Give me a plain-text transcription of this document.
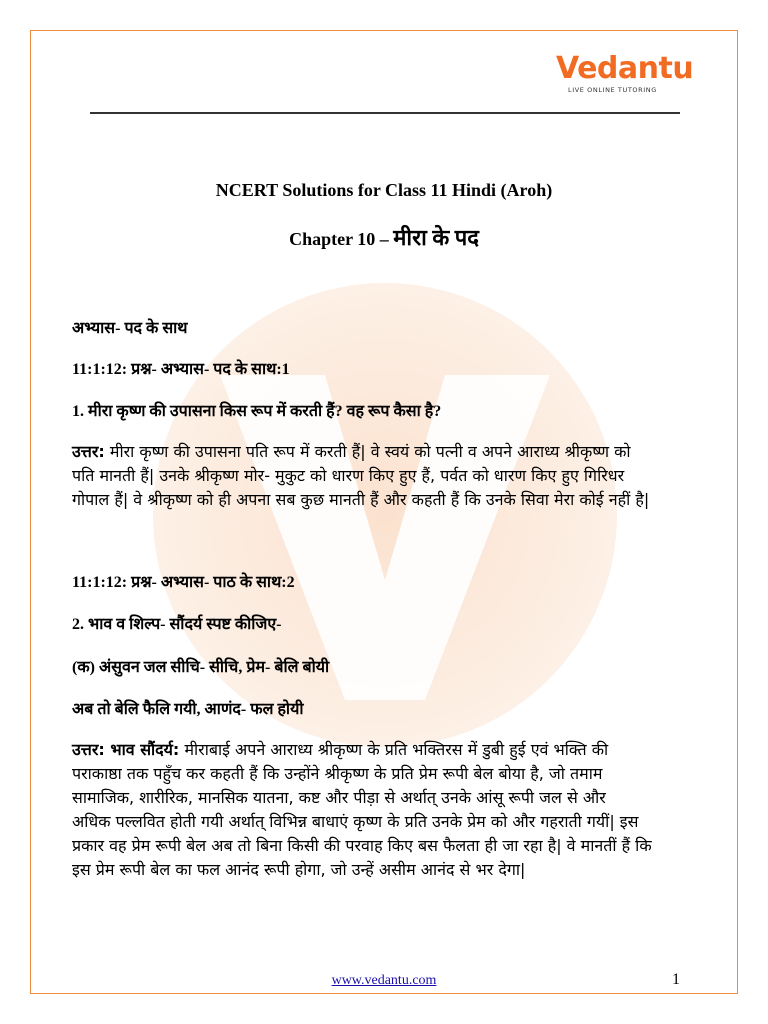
Vedantu
LIVE ONLINE TUTORING
NCERT Solutions for Class 11 Hindi (Aroh)
Chapter 10 – मीरा के पद
अभ्यास- पद के साथ
11:1:12: प्रश्न- अभ्यास- पद के साथ:1
1. मीरा कृष्ण की उपासना किस रूप में करती हैं? वह रूप कैसा है?
उत्तर: मीरा कृष्ण की उपासना पति रूप में करती हैं| वे स्वयं को पत्नी व अपने आराध्य श्रीकृष्ण को
पति मानती हैं| उनके श्रीकृष्ण मोर- मुकुट को धारण किए हुए हैं, पर्वत को धारण किए हुए गिरिधर
गोपाल हैं| वे श्रीकृष्ण को ही अपना सब कुछ मानती हैं और कहती हैं कि उनके सिवा मेरा कोई नहीं है|
11:1:12: प्रश्न- अभ्यास- पाठ के साथ:2
2. भाव व शिल्प- सौंदर्य स्पष्ट कीजिए-
(क) अंसुवन जल सीचि- सीचि, प्रेम- बेलि बोयी
अब तो बेलि फैलि गयी, आणंद- फल होयी
उत्तर: भाव सौंदर्य: मीराबाई अपने आराध्य श्रीकृष्ण के प्रति भक्तिरस में डुबी हुई एवं भक्ति की
पराकाष्ठा तक पहुँच कर कहती हैं कि उन्होंने श्रीकृष्ण के प्रति प्रेम रूपी बेल बोया है, जो तमाम
सामाजिक, शारीरिक, मानसिक यातना, कष्ट और पीड़ा से अर्थात् उनके आंसू रूपी जल से और
अधिक पल्लवित होती गयी अर्थात् विभिन्न बाधाएं कृष्ण के प्रति उनके प्रेम को और गहराती गयीं| इस
प्रकार वह प्रेम रूपी बेल अब तो बिना किसी की परवाह किए बस फैलता ही जा रहा है| वे मानतीं हैं कि
इस प्रेम रूपी बेल का फल आनंद रूपी होगा, जो उन्हें असीम आनंद से भर देगा|
www.vedantu.com	1
